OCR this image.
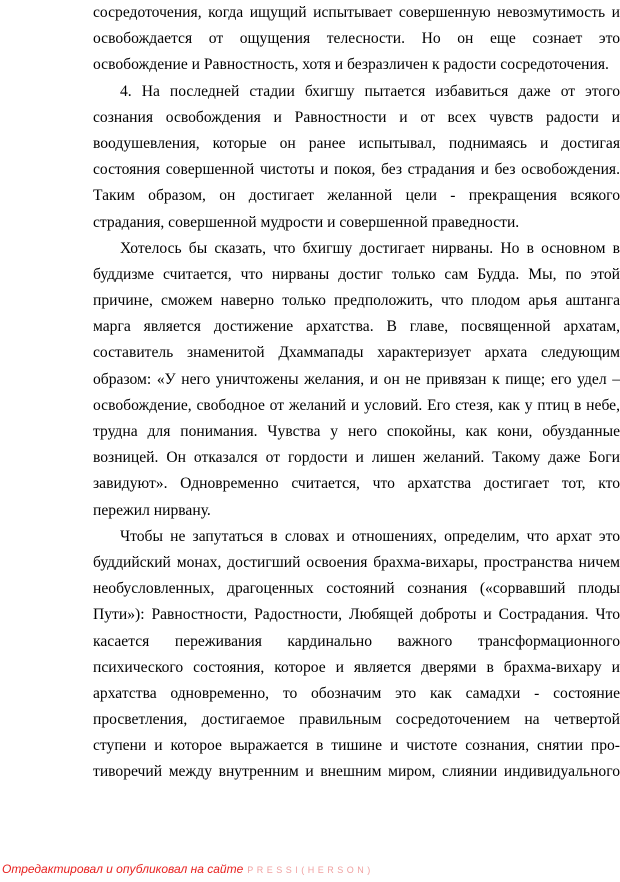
сосредоточения, когда ищущий испытывает совершенную невозмутимость и
освобождается от ощущения телесности. Но он еще сознает это
освобождение и Равностность, хотя и безразличен к радости сосредоточения.
4. На последней стадии бхигшу пытается избавиться даже от этого
сознания освобождения и Равностности и от всех чувств радости и
воодушевления, которые он ранее испытывал, поднимаясь и достигая
состояния совершенной чистоты и покоя, без страдания и без освобождения.
Таким образом, он достигает желанной цели - прекращения всякого
страдания, совершенной мудрости и совершенной праведности.
Хотелось бы сказать, что бхигшу достигает нирваны. Но в основном в
буддизме считается, что нирваны достиг только сам Будда. Мы, по этой
причине, сможем наверно только предположить, что плодом арья аштанга
марга является достижение архатства. В главе, посвященной архатам,
составитель знаменитой Дхаммапады характеризует архата следующим
образом: «У него уничтожены желания, и он не привязан к пище; его удел –
освобождение, свободное от желаний и условий. Его стезя, как у птиц в небе,
трудна для понимания. Чувства у него спокойны, как кони, обузданные
возницей. Он отказался от гордости и лишен желаний. Такому даже Боги
завидуют». Одновременно считается, что архатства достигает тот, кто
пережил нирвану.
Чтобы не запутаться в словах и отношениях, определим, что архат это
буддийский монах, достигший освоения брахма-вихары, пространства ничем
необусловленных, драгоценных состояний сознания («сорвавший плоды
Пути»): Равностности, Радостности, Любящей доброты и Сострадания. Что
касается переживания кардинально важного трансформационного
психического состояния, которое и является дверями в брахма-вихару и
архатства одновременно, то обозначим это как самадхи - состояние
просветления, достигаемое правильным сосредоточением на четвертой
ступени и которое выражается в тишине и чистоте сознания, снятии про-
тиворечий между внутренним и внешним миром, слиянии индивидуального
Отредактировал и опубликовал на сайте PRESSI(HERSON)
